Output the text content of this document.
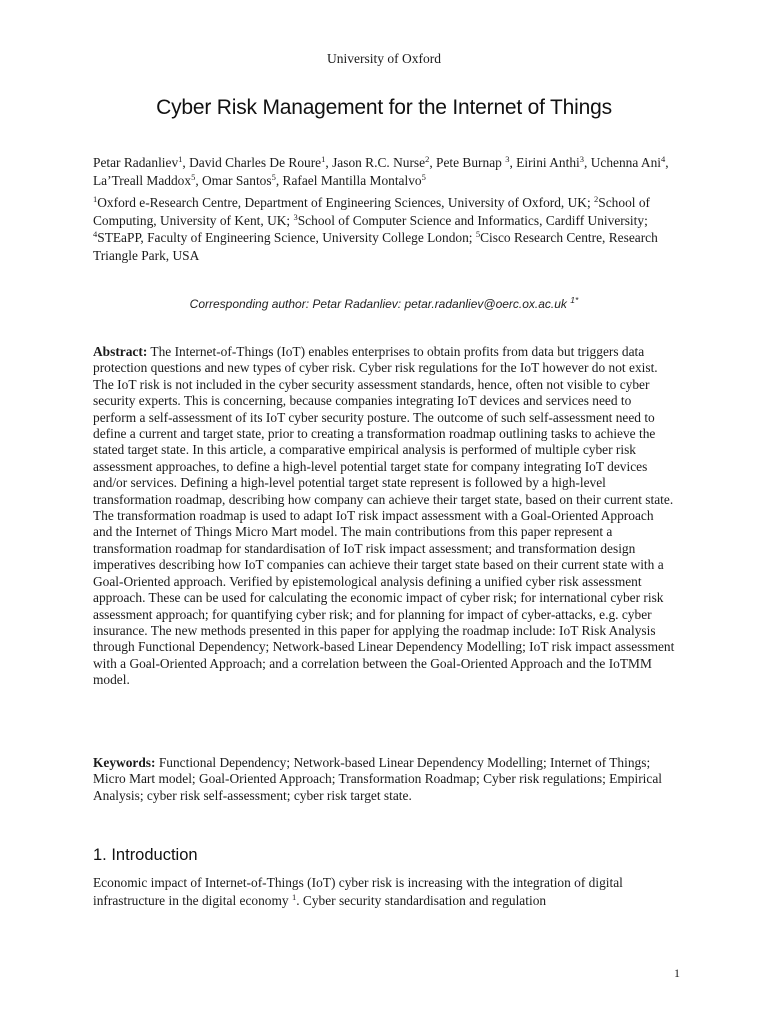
University of Oxford
Cyber Risk Management for the Internet of Things
Petar Radanliev$^1$, David Charles De Roure$^1$, Jason R.C. Nurse$^2$, Pete Burnap $^3$, Eirini Anthi$^3$, Uchenna Ani$^4$, La’Treall Maddox$^5$, Omar Santos$^5$, Rafael Mantilla Montalvo$^5$
$^1$Oxford e-Research Centre, Department of Engineering Sciences, University of Oxford, UK; $^2$School of Computing, University of Kent, UK; $^3$School of Computer Science and Informatics, Cardiff University; $^4$STEaPP, Faculty of Engineering Science, University College London; $^5$Cisco Research Centre, Research Triangle Park, USA
Corresponding author: Petar Radanliev: petar.radanliev@oerc.ox.ac.uk $^{1*}$
Abstract: The Internet-of-Things (IoT) enables enterprises to obtain profits from data but triggers data protection questions and new types of cyber risk. Cyber risk regulations for the IoT however do not exist. The IoT risk is not included in the cyber security assessment standards, hence, often not visible to cyber security experts. This is concerning, because companies integrating IoT devices and services need to perform a self-assessment of its IoT cyber security posture. The outcome of such self-assessment need to define a current and target state, prior to creating a transformation roadmap outlining tasks to achieve the stated target state. In this article, a comparative empirical analysis is performed of multiple cyber risk assessment approaches, to define a high-level potential target state for company integrating IoT devices and/or services. Defining a high-level potential target state represent is followed by a high-level transformation roadmap, describing how company can achieve their target state, based on their current state. The transformation roadmap is used to adapt IoT risk impact assessment with a Goal-Oriented Approach and the Internet of Things Micro Mart model. The main contributions from this paper represent a transformation roadmap for standardisation of IoT risk impact assessment; and transformation design imperatives describing how IoT companies can achieve their target state based on their current state with a Goal-Oriented approach. Verified by epistemological analysis defining a unified cyber risk assessment approach. These can be used for calculating the economic impact of cyber risk; for international cyber risk assessment approach; for quantifying cyber risk; and for planning for impact of cyber-attacks, e.g. cyber insurance. The new methods presented in this paper for applying the roadmap include: IoT Risk Analysis through Functional Dependency; Network-based Linear Dependency Modelling; IoT risk impact assessment with a Goal-Oriented Approach; and a correlation between the Goal-Oriented Approach and the IoTMM model.
Keywords: Functional Dependency; Network-based Linear Dependency Modelling; Internet of Things; Micro Mart model; Goal-Oriented Approach; Transformation Roadmap; Cyber risk regulations; Empirical Analysis; cyber risk self-assessment; cyber risk target state.
1. Introduction
Economic impact of Internet-of-Things (IoT) cyber risk is increasing with the integration of digital infrastructure in the digital economy $^1$. Cyber security standardisation and regulation
1
